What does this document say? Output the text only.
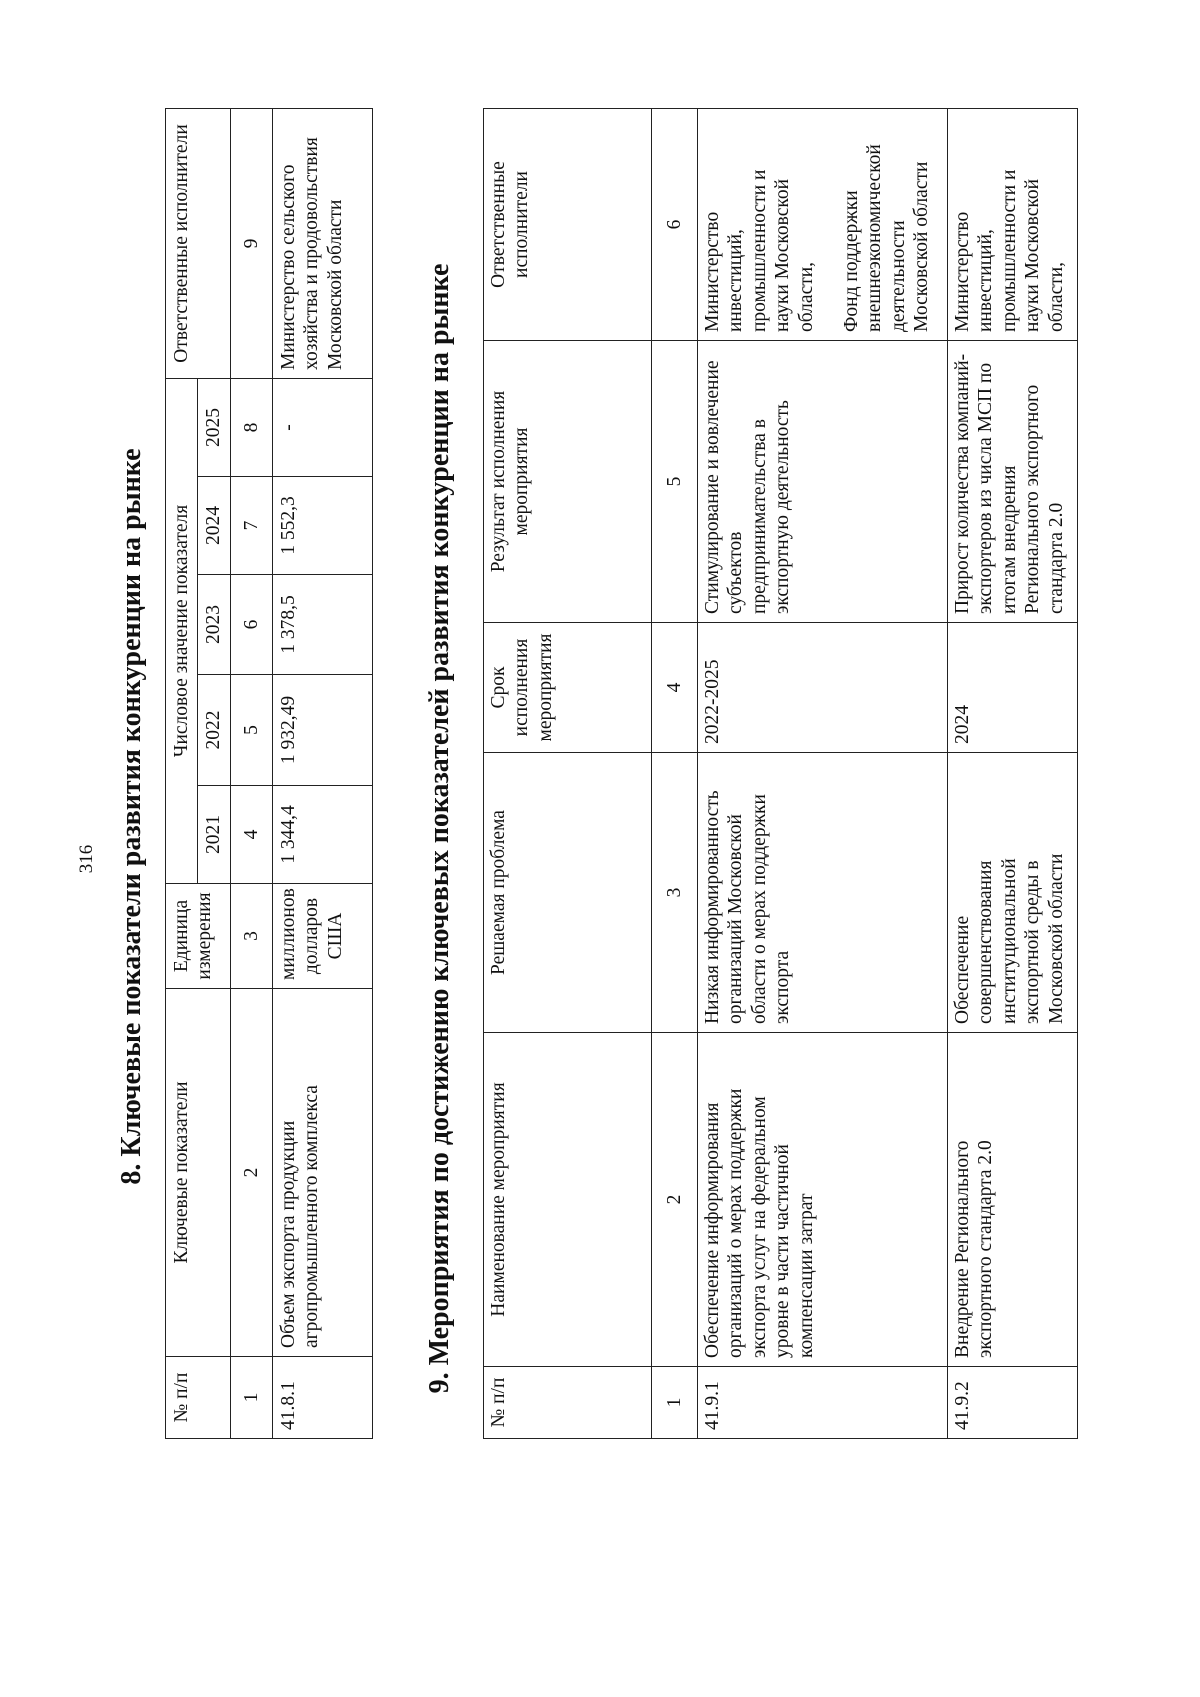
316 8. Ключевые показатели развития конкуренции на рынке
№ п/п	Ключевые показатели	Единица измерения	Числовое значение показателя					Ответственные исполнители
			2021	2022	2023	2024	2025	
1	2	3	4	5	6	7	8	9
41.8.1	Объем экспорта продукции агропромышленного комплекса	миллионов долларов США	1 344,4	1 932,49	1 378,5	1 552,3	-	Министерство сельского хозяйства и продовольствия Московской области	9. Мероприятия по достижению ключевых показателей развития конкуренции на рынке
№ п/п	Наименование мероприятия	Решаемая проблема	Срок исполнения мероприятия	Результат исполнения мероприятия	Ответственные исполнители
1	2	3	4	5	6
41.9.1	Обеспечение информирования организаций о мерах поддержки экспорта услуг на федеральном уровне в части частичной компенсации затрат	Низкая информированность организаций Московской области о мерах поддержки экспорта	2022-2025	Стимулирование и вовлечение субъектов предпринимательства в экспортную деятельность	Министерство инвестиций, промышленности и науки Московской области, Фонд поддержки внешнеэкономической деятельности Московской области

41.9.2	Внедрение Регионального экспортного стандарта 2.0	Обеспечение совершенствования институциональной экспортной среды в Московской области	2024	Прирост количества компаний-экспортеров из числа МСП по итогам внедрения Регионального экспортного стандарта 2.0	Министерство инвестиций, промышленности и науки Московской области,
